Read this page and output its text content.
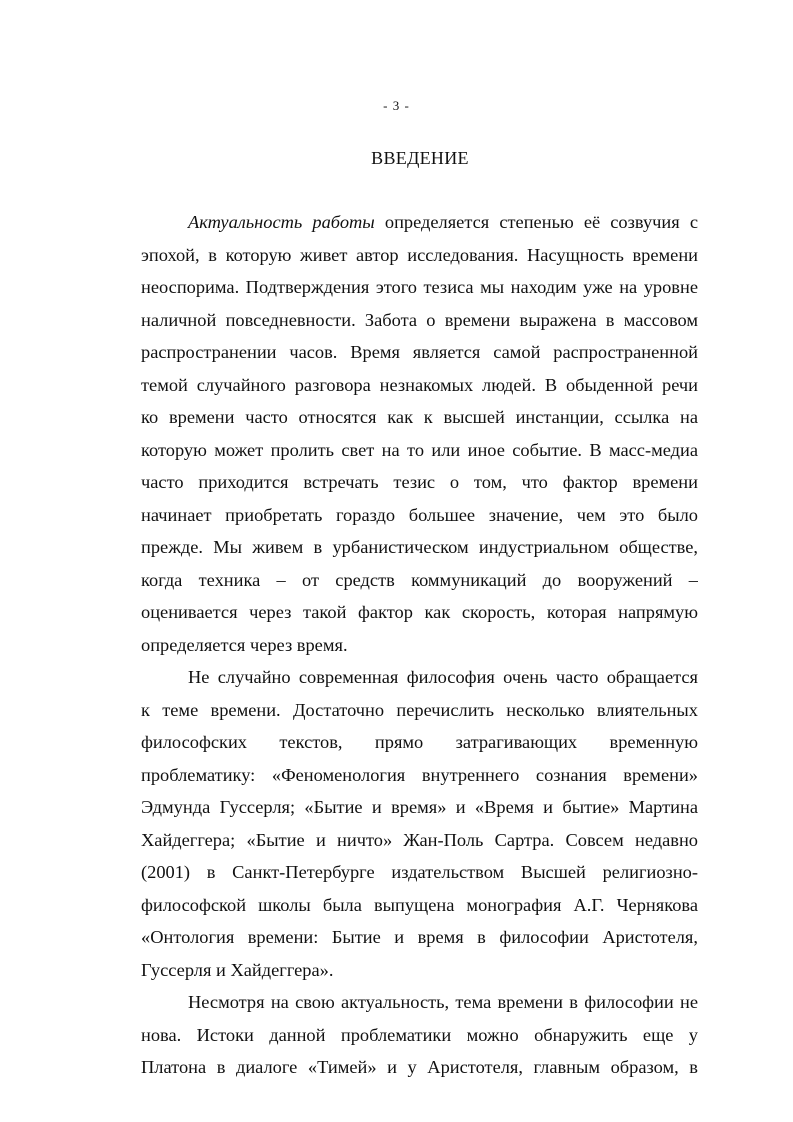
- 3 -
ВВЕДЕНИЕ
Актуальность работы определяется степенью её созвучия с
эпохой, в которую живет автор исследования. Насущность времени
неоспорима. Подтверждения этого тезиса мы находим уже на уровне
наличной повседневности. Забота о времени выражена в массовом
распространении часов. Время является самой распространенной
темой случайного разговора незнакомых людей. В обыденной речи
ко времени часто относятся как к высшей инстанции, ссылка на
которую может пролить свет на то или иное событие. В масс-медиа
часто приходится встречать тезис о том, что фактор времени
начинает приобретать гораздо большее значение, чем это было
прежде. Мы живем в урбанистическом индустриальном обществе,
когда техника – от средств коммуникаций до вооружений –
оценивается через такой фактор как скорость, которая напрямую
определяется через время.
Не случайно современная философия очень часто обращается
к теме времени. Достаточно перечислить несколько влиятельных
философских текстов, прямо затрагивающих временную
проблематику: «Феноменология внутреннего сознания времени»
Эдмунда Гуссерля; «Бытие и время» и «Время и бытие» Мартина
Хайдеггера; «Бытие и ничто» Жан-Поль Сартра. Совсем недавно
(2001) в Санкт-Петербурге издательством Высшей религиозно-
философской школы была выпущена монография А.Г. Чернякова
«Онтология времени: Бытие и время в философии Аристотеля,
Гуссерля и Хайдеггера».
Несмотря на свою актуальность, тема времени в философии не
нова. Истоки данной проблематики можно обнаружить еще у
Платона в диалоге «Тимей» и у Аристотеля, главным образом, в
